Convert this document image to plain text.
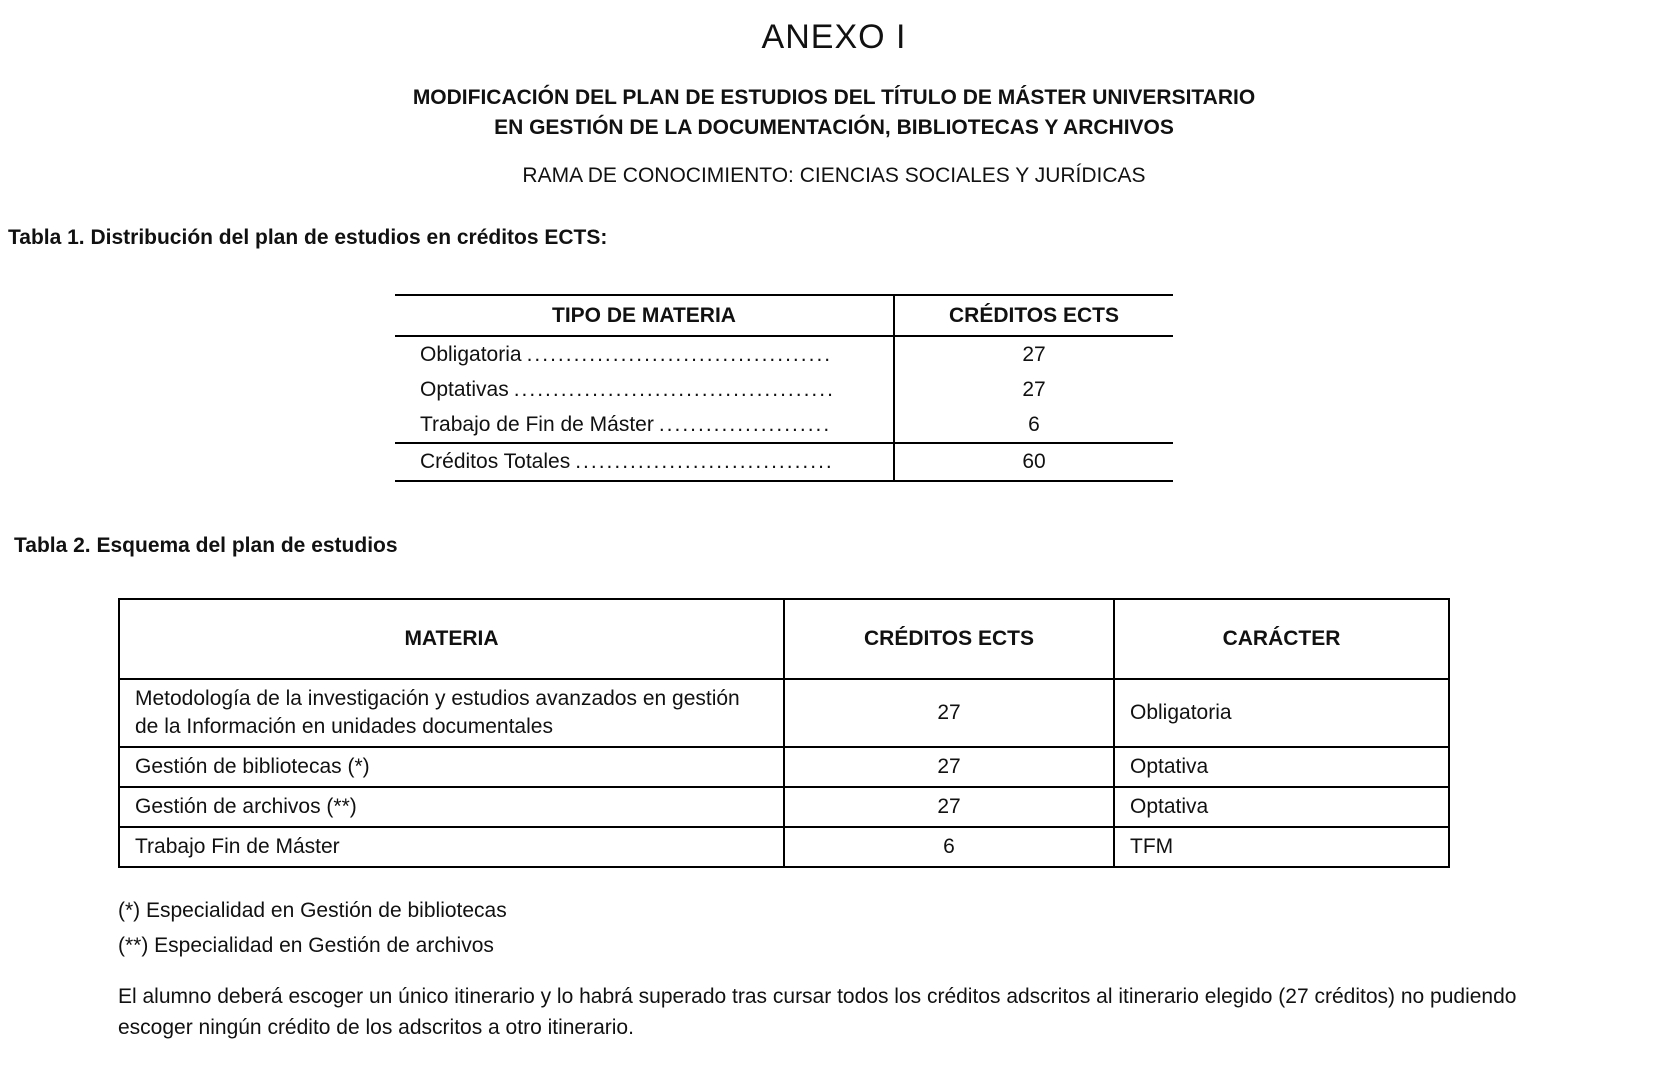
ANEXO I
MODIFICACIÓN DEL PLAN DE ESTUDIOS DEL TÍTULO DE MÁSTER UNIVERSITARIO
EN GESTIÓN DE LA DOCUMENTACIÓN, BIBLIOTECAS Y ARCHIVOS
RAMA DE CONOCIMIENTO: CIENCIAS SOCIALES Y JURÍDICAS
Tabla 1. Distribución del plan de estudios en créditos ECTS:
TIPO DE MATERIA	CRÉDITOS ECTS
Obligatoria .....	27
Optativas .....	27
Trabajo de Fin de Máster .....	6
Créditos Totales .....	60
Tabla 2. Esquema del plan de estudios
MATERIA	CRÉDITOS ECTS	CARÁCTER
Metodología de la investigación y estudios avanzados en gestión de la Información en unidades documentales	27	Obligatoria
Gestión de bibliotecas (*)	27	Optativa
Gestión de archivos (**)	27	Optativa
Trabajo Fin de Máster	6	TFM
(*) Especialidad en Gestión de bibliotecas
(**) Especialidad en Gestión de archivos
El alumno deberá escoger un único itinerario y lo habrá superado tras cursar todos los créditos adscritos al itinerario elegido (27 créditos) no pudiendo escoger ningún crédito de los adscritos a otro itinerario.
